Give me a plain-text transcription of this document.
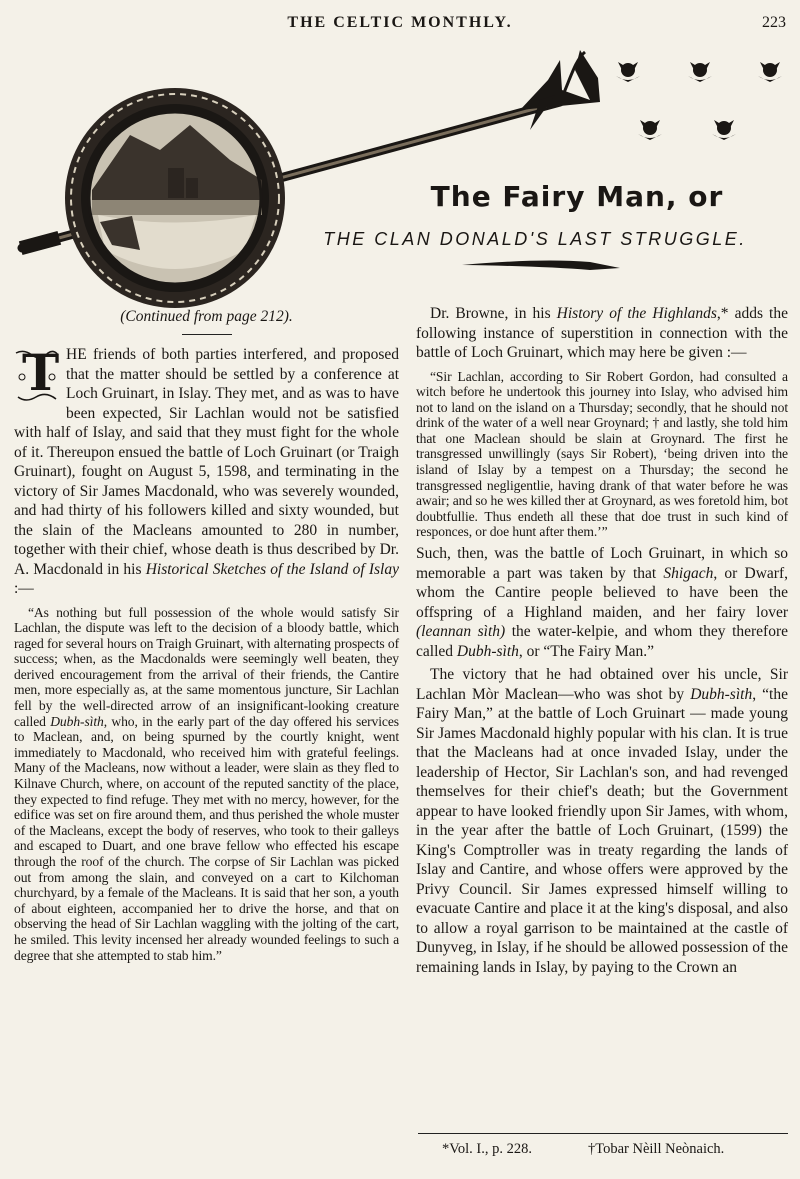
THE CELTIC MONTHLY.	223
The Fairy Man, or
THE CLAN DONALD'S LAST STRUGGLE.
(Continued from page 212).

T HE friends of both parties interfered, and proposed that the matter should be settled by a conference at Loch Gruinart, in Islay. They met, and as was to have been expected, Sir Lachlan would not be satisfied with half of Islay, and said that they must fight for the whole of it. Thereupon ensued the battle of Loch Gruinart (or Traigh Gruinart), fought on August 5, 1598, and terminating in the victory of Sir James Macdonald, who was severely wounded, and had thirty of his followers killed and sixty wounded, but the slain of the Macleans amounted to 280 in number, together with their chief, whose death is thus described by Dr. A. Macdonald in his Historical Sketches of the Island of Islay :—

“As nothing but full possession of the whole would satisfy Sir Lachlan, the dispute was left to the decision of a bloody battle, which raged for several hours on Traigh Gruinart, with alternating prospects of success; when, as the Macdonalds were seemingly well beaten, they derived encouragement from the arrival of their friends, the Cantire men, more especially as, at the same momentous juncture, Sir Lachlan fell by the well-directed arrow of an insignificant-looking creature called Dubh-sìth, who, in the early part of the day offered his services to Maclean, and, on being spurned by the courtly knight, went immediately to Macdonald, who received him with grateful feelings. Many of the Macleans, now without a leader, were slain as they fled to Kilnave Church, where, on account of the reputed sanctity of the place, they expected to find refuge. They met with no mercy, however, for the edifice was set on fire around them, and thus perished the whole muster of the Macleans, except the body of reserves, who took to their galleys and escaped to Duart, and one brave fellow who effected his escape through the roof of the church. The corpse of Sir Lachlan was picked out from among the slain, and conveyed on a cart to Kilchoman churchyard, by a female of the Macleans. It is said that her son, a youth of about eighteen, accompanied her to drive the horse, and that on observing the head of Sir Lachlan waggling with the jolting of the cart, he smiled. This levity incensed her already wounded feelings to such a degree that she attempted to stab him.”

Dr. Browne, in his History of the Highlands,* adds the following instance of superstition in connection with the battle of Loch Gruinart, which may here be given :—

“Sir Lachlan, according to Sir Robert Gordon, had consulted a witch before he undertook this journey into Islay, who advised him not to land on the island on a Thursday; secondly, that he should not drink of the water of a well near Groynard; † and lastly, she told him that one Maclean should be slain at Groynard. The first he transgressed unwillingly (says Sir Robert), ‘being driven into the island of Islay by a tempest on a Thursday; the second he transgressed negligentlie, having drank of that water before he was awair; and so he wes killed ther at Groynard, as wes foretold him, bot doubtfullie. Thus endeth all these that doe trust in such kind of responces, or doe hunt after them.’”

Such, then, was the battle of Loch Gruinart, in which so memorable a part was taken by that Shigach, or Dwarf, whom the Cantire people believed to have been the offspring of a Highland maiden, and her fairy lover (leannan sìth) the water-kelpie, and whom they therefore called Dubh-sìth, or “The Fairy Man.”

The victory that he had obtained over his uncle, Sir Lachlan Mòr Maclean—who was shot by Dubh-sìth, “the Fairy Man,” at the battle of Loch Gruinart — made young Sir James Macdonald highly popular with his clan. It is true that the Macleans had at once invaded Islay, under the leadership of Hector, Sir Lachlan's son, and had revenged themselves for their chief's death; but the Government appear to have looked friendly upon Sir James, with whom, in the year after the battle of Loch Gruinart, (1599) the King's Comptroller was in treaty regarding the lands of Islay and Cantire, and whose offers were approved by the Privy Council. Sir James expressed himself willing to evacuate Cantire and place it at the king's disposal, and also to allow a royal garrison to be maintained at the castle of Dunyveg, in Islay, if he should be allowed possession of the remaining lands in Islay, by paying to the Crown an

*Vol. I., p. 228.	†Tobar Nèill Neònaich.
